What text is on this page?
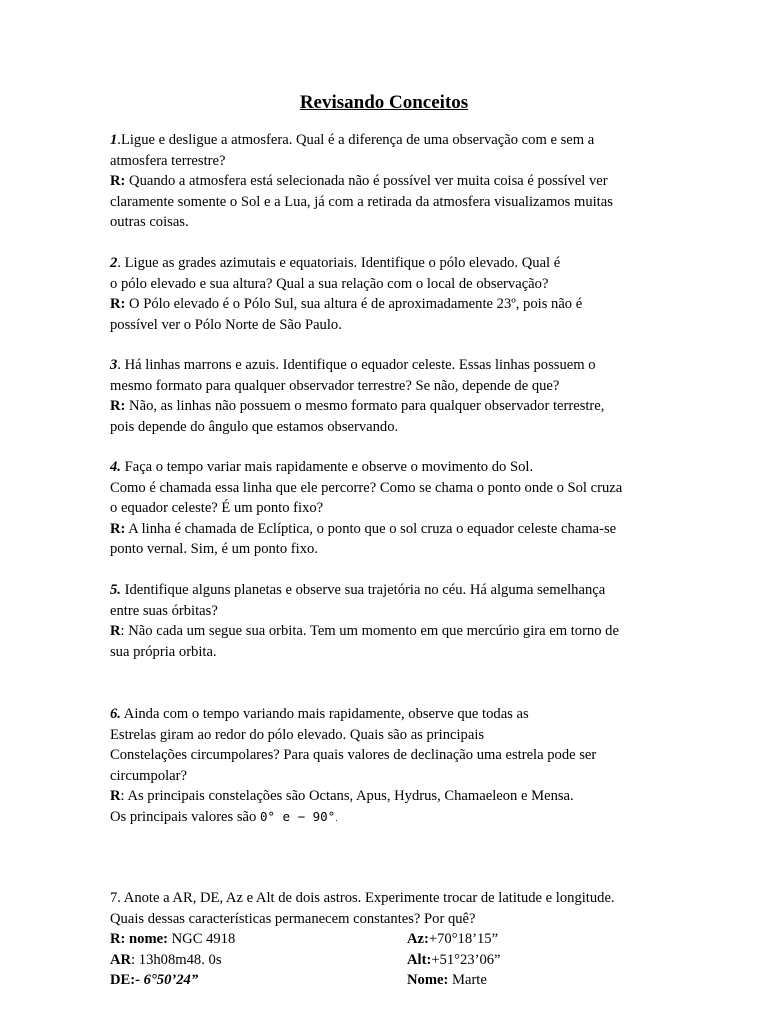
Revisando Conceitos
1.Ligue e desligue a atmosfera. Qual é a diferença de uma observação com e sem a
atmosfera terrestre?
R: Quando a atmosfera está selecionada não é possível ver muita coisa é possível ver
claramente somente o Sol e a Lua, já com a retirada da atmosfera visualizamos muitas
outras coisas.
2. Ligue as grades azimutais e equatoriais. Identifique o pólo elevado. Qual é
o pólo elevado e sua altura? Qual a sua relação com o local de observação?
R: O Pólo elevado é o Pólo Sul, sua altura é de aproximadamente 23º, pois não é
possível ver o Pólo Norte de São Paulo.
3. Há linhas marrons e azuis. Identifique o equador celeste. Essas linhas possuem o
mesmo formato para qualquer observador terrestre? Se não, depende de que?
R: Não, as linhas não possuem o mesmo formato para qualquer observador terrestre,
pois depende do ângulo que estamos observando.
4. Faça o tempo variar mais rapidamente e observe o movimento do Sol.
Como é chamada essa linha que ele percorre? Como se chama o ponto onde o Sol cruza
o equador celeste? É um ponto fixo?
R: A linha é chamada de Eclíptica, o ponto que o sol cruza o equador celeste chama-se
ponto vernal. Sim, é um ponto fixo.
5. Identifique alguns planetas e observe sua trajetória no céu. Há alguma semelhança
entre suas órbitas?
R: Não cada um segue sua orbita. Tem um momento em que mercúrio gira em torno de
sua própria orbita.
6. Ainda com o tempo variando mais rapidamente, observe que todas as
Estrelas giram ao redor do pólo elevado. Quais são as principais
Constelações circumpolares? Para quais valores de declinação uma estrela pode ser
circumpolar?
R: As principais constelações são Octans, Apus, Hydrus, Chamaeleon e Mensa.
Os principais valores são 0° e − 90°.
7. Anote a AR, DE, Az e Alt de dois astros. Experimente trocar de latitude e longitude.
Quais dessas características permanecem constantes? Por quê?
R: nome: NGC 4918	Az:+70°18’15”
AR: 13h08m48. 0s	Alt:+51°23’06”
DE:- 6°50’24”	Nome: Marte
